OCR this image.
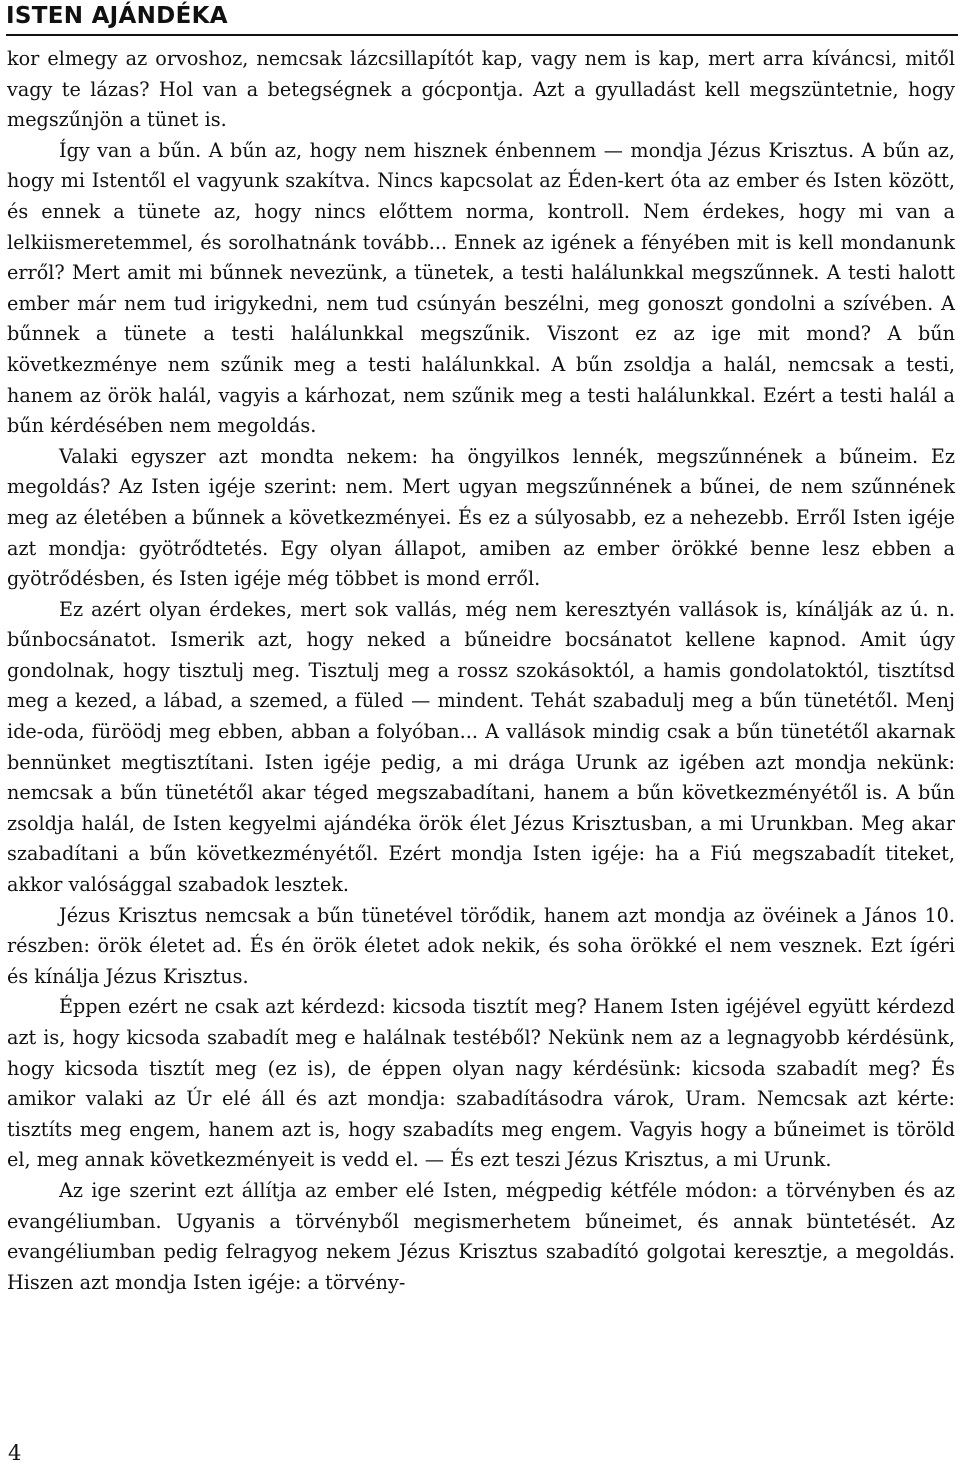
ISTEN AJÁNDÉKA

kor elmegy az orvoshoz, nemcsak lázcsillapítót kap, vagy nem is kap, mert arra kíváncsi, mitől vagy te lázas? Hol van a betegségnek a gócpontja. Azt a gyulladást kell megszüntetnie, hogy megszűnjön a tünet is.

Így van a bűn. A bűn az, hogy nem hisznek énbennem — mondja Jézus Krisztus. A bűn az, hogy mi Istentől el vagyunk szakítva. Nincs kapcsolat az Éden-kert óta az ember és Isten között, és ennek a tünete az, hogy nincs előttem norma, kontroll. Nem érdekes, hogy mi van a lelkiismeretemmel, és sorolhatnánk tovább... Ennek az igének a fényében mit is kell mondanunk erről? Mert amit mi bűnnek nevezünk, a tünetek, a testi halálunkkal megszűnnek. A testi halott ember már nem tud irigykedni, nem tud csúnyán beszélni, meg gonoszt gondolni a szívében. A bűnnek a tünete a testi halálunkkal megszűnik. Viszont ez az ige mit mond? A bűn következménye nem szűnik meg a testi halálunkkal. A bűn zsoldja a halál, nemcsak a testi, hanem az örök halál, vagyis a kárhozat, nem szűnik meg a testi halálunkkal. Ezért a testi halál a bűn kérdésében nem megoldás.

Valaki egyszer azt mondta nekem: ha öngyilkos lennék, megszűnnének a bűneim. Ez megoldás? Az Isten igéje szerint: nem. Mert ugyan megszűnnének a bűnei, de nem szűnnének meg az életében a bűnnek a következményei. És ez a súlyosabb, ez a nehezebb. Erről Isten igéje azt mondja: gyötrődtetés. Egy olyan állapot, amiben az ember örökké benne lesz ebben a gyötrődésben, és Isten igéje még többet is mond erről.

Ez azért olyan érdekes, mert sok vallás, még nem keresztyén vallások is, kínálják az ú. n. bűnbocsánatot. Ismerik azt, hogy neked a bűneidre bocsánatot kellene kapnod. Amit úgy gondolnak, hogy tisztulj meg. Tisztulj meg a rossz szokásoktól, a hamis gondolatoktól, tisztítsd meg a kezed, a lábad, a szemed, a füled — mindent. Tehát szabadulj meg a bűn tünetétől. Menj ide-oda, füröödj meg ebben, abban a folyóban... A vallások mindig csak a bűn tünetétől akarnak bennünket megtisztítani. Isten igéje pedig, a mi drága Urunk az igében azt mondja nekünk: nemcsak a bűn tünetétől akar téged megszabadítani, hanem a bűn következményétől is. A bűn zsoldja halál, de Isten kegyelmi ajándéka örök élet Jézus Krisztusban, a mi Urunkban. Meg akar szabadítani a bűn következményétől. Ezért mondja Isten igéje: ha a Fiú megszabadít titeket, akkor valósággal szabadok lesztek.

Jézus Krisztus nemcsak a bűn tünetével törődik, hanem azt mondja az övéinek a János 10. részben: örök életet ad. És én örök életet adok nekik, és soha örökké el nem vesznek. Ezt ígéri és kínálja Jézus Krisztus.

Éppen ezért ne csak azt kérdezd: kicsoda tisztít meg? Hanem Isten igéjével együtt kérdezd azt is, hogy kicsoda szabadít meg e halálnak testéből? Nekünk nem az a legnagyobb kérdésünk, hogy kicsoda tisztít meg (ez is), de éppen olyan nagy kérdésünk: kicsoda szabadít meg? És amikor valaki az Úr elé áll és azt mondja: szabadításodra várok, Uram. Nemcsak azt kérte: tisztíts meg engem, hanem azt is, hogy szabadíts meg engem. Vagyis hogy a bűneimet is töröld el, meg annak következményeit is vedd el. — És ezt teszi Jézus Krisztus, a mi Urunk.

Az ige szerint ezt állítja az ember elé Isten, mégpedig kétféle módon: a törvényben és az evangéliumban. Ugyanis a törvényből megismerhetem bűneimet, és annak büntetését. Az evangéliumban pedig felragyog nekem Jézus Krisztus szabadító golgotai keresztje, a megoldás. Hiszen azt mondja Isten igéje: a törvény-

4
